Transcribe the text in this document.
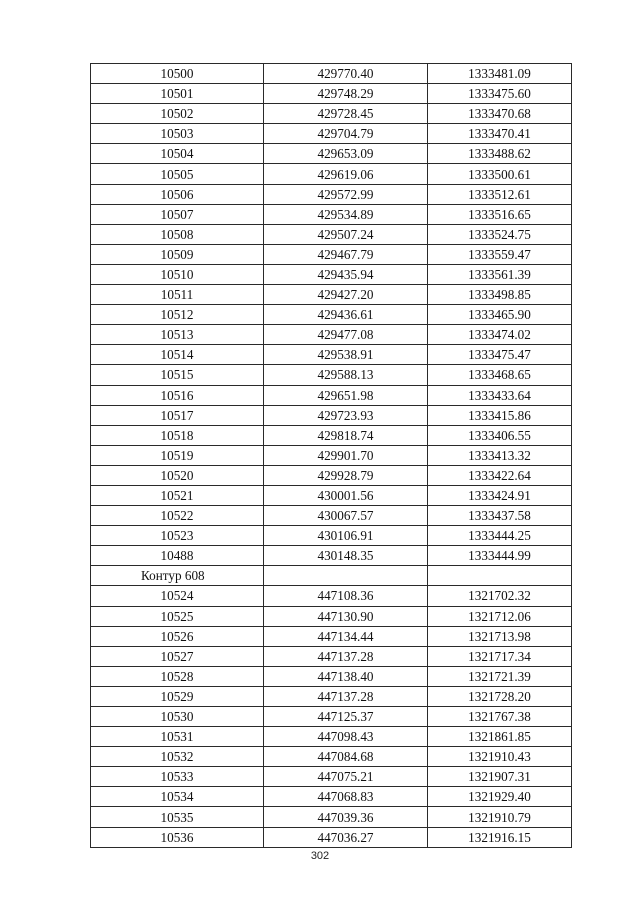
10500	429770.40	1333481.09
10501	429748.29	1333475.60
10502	429728.45	1333470.68
10503	429704.79	1333470.41
10504	429653.09	1333488.62
10505	429619.06	1333500.61
10506	429572.99	1333512.61
10507	429534.89	1333516.65
10508	429507.24	1333524.75
10509	429467.79	1333559.47
10510	429435.94	1333561.39
10511	429427.20	1333498.85
10512	429436.61	1333465.90
10513	429477.08	1333474.02
10514	429538.91	1333475.47
10515	429588.13	1333468.65
10516	429651.98	1333433.64
10517	429723.93	1333415.86
10518	429818.74	1333406.55
10519	429901.70	1333413.32
10520	429928.79	1333422.64
10521	430001.56	1333424.91
10522	430067.57	1333437.58
10523	430106.91	1333444.25
10488	430148.35	1333444.99
Контур 608		
10524	447108.36	1321702.32
10525	447130.90	1321712.06
10526	447134.44	1321713.98
10527	447137.28	1321717.34
10528	447138.40	1321721.39
10529	447137.28	1321728.20
10530	447125.37	1321767.38
10531	447098.43	1321861.85
10532	447084.68	1321910.43
10533	447075.21	1321907.31
10534	447068.83	1321929.40
10535	447039.36	1321910.79
10536	447036.27	1321916.15
302
